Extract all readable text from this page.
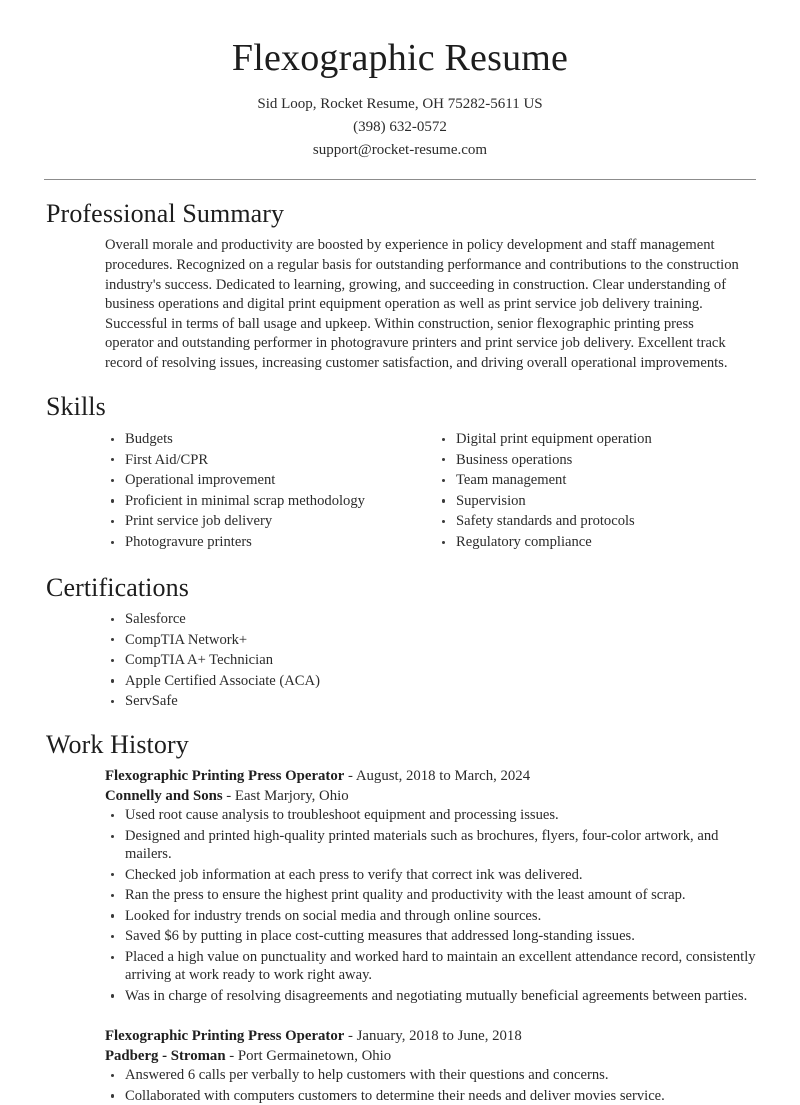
Flexographic Resume
Sid Loop, Rocket Resume, OH 75282-5611 US
(398) 632-0572
support@rocket-resume.com
Professional Summary

Overall morale and productivity are boosted by experience in policy development and staff management procedures. Recognized on a regular basis for outstanding performance and contributions to the construction industry's success. Dedicated to learning, growing, and succeeding in construction. Clear understanding of business operations and digital print equipment operation as well as print service job delivery training. Successful in terms of ball usage and upkeep. Within construction, senior flexographic printing press operator and outstanding performer in photogravure printers and print service job delivery. Excellent track record of resolving issues, increasing customer satisfaction, and driving overall operational improvements.

Skills
Budgets
First Aid/CPR
Operational improvement
Proficient in minimal scrap methodology
Print service job delivery
Photogravure printers
Digital print equipment operation
Business operations
Team management
Supervision
Safety standards and protocols
Regulatory compliance
Certifications
Salesforce
CompTIA Network+
CompTIA A+ Technician
Apple Certified Associate (ACA)
ServSafe
Work History
Flexographic Printing Press Operator - August, 2018 to March, 2024
Connelly and Sons - East Marjory, Ohio
Used root cause analysis to troubleshoot equipment and processing issues.
Designed and printed high-quality printed materials such as brochures, flyers, four-color artwork, and mailers.
Checked job information at each press to verify that correct ink was delivered.
Ran the press to ensure the highest print quality and productivity with the least amount of scrap.
Looked for industry trends on social media and through online sources.
Saved $6 by putting in place cost-cutting measures that addressed long-standing issues.
Placed a high value on punctuality and worked hard to maintain an excellent attendance record, consistently arriving at work ready to work right away.
Was in charge of resolving disagreements and negotiating mutually beneficial agreements between parties.
Flexographic Printing Press Operator - January, 2018 to June, 2018
Padberg - Stroman - Port Germainetown, Ohio
Answered 6 calls per verbally to help customers with their questions and concerns.
Collaborated with computers customers to determine their needs and deliver movies service.
